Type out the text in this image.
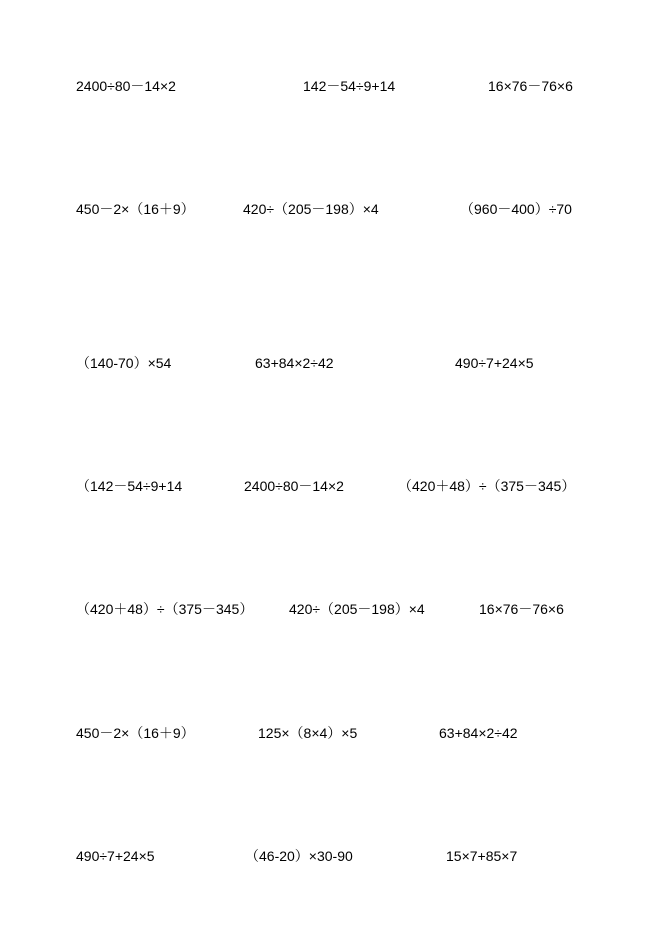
2400÷80－14×2	142－54÷9+14	16×76－76×6
450－2×（16＋9）	420÷（205－198）×4	（960－400）÷70
（140-70）×54	63+84×2÷42	490÷7+24×5
（142－54÷9+14	2400÷80－14×2	（420＋48）÷（375－345）
（420＋48）÷（375－345）	420÷（205－198）×4	16×76－76×6
450－2×（16＋9）	125×（8×4）×5	63+84×2÷42
490÷7+24×5	（46-20）×30-90	15×7+85×7
